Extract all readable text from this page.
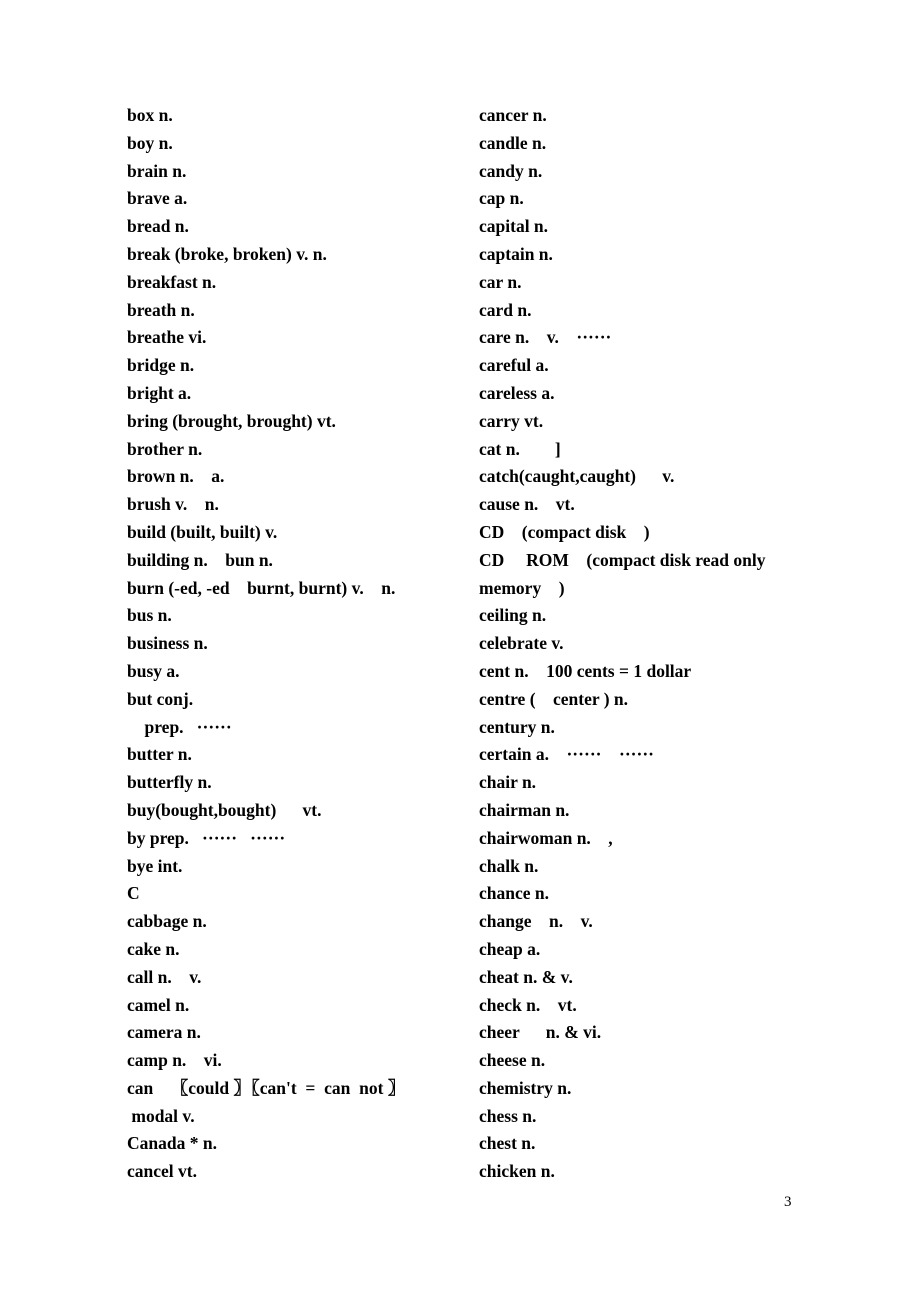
box n.
boy n.
brain n.
brave a.
bread n.
break (broke, broken) v. n.
breakfast n.
breath n.
breathe vi.
bridge n.
bright a.
bring (brought, brought) vt.
brother n.
brown n.    a.
brush v.    n.
build (built, built) v.
building n.    bun n.
burn (-ed, -ed    burnt, burnt) v.    n.
bus n.
business n.
busy a.
but conj.
prep.   ······
butter n.
butterfly n.
buy(bought,bought)      vt.
by prep.   ······   ······
bye int.
C
cabbage n.
cake n.
call n.    v.
camel n.
camera n.
camp n.    vi.
can    〖could 〗〖can't  =  can  not 〗
modal v.
Canada * n.
cancel vt.
cancer n.
candle n.
candy n.
cap n.
capital n.
captain n.
car n.
card n.
care n.    v.    ······
careful a.
careless a.
carry vt.
cat n.        ]
catch(caught,caught)      v.
cause n.    vt.
CD    (compact disk    )
CD     ROM    (compact disk read only
memory    )
ceiling n.
celebrate v.
cent n.    100 cents = 1 dollar
centre (    center ) n.
century n.
certain a.    ······    ······
chair n.
chairman n.
chairwoman n.    ,
chalk n.
chance n.
change    n.    v.
cheap a.
cheat n. & v.
check n.    vt.
cheer      n. & vi.
cheese n.
chemistry n.
chess n.
chest n.
chicken n.
3
